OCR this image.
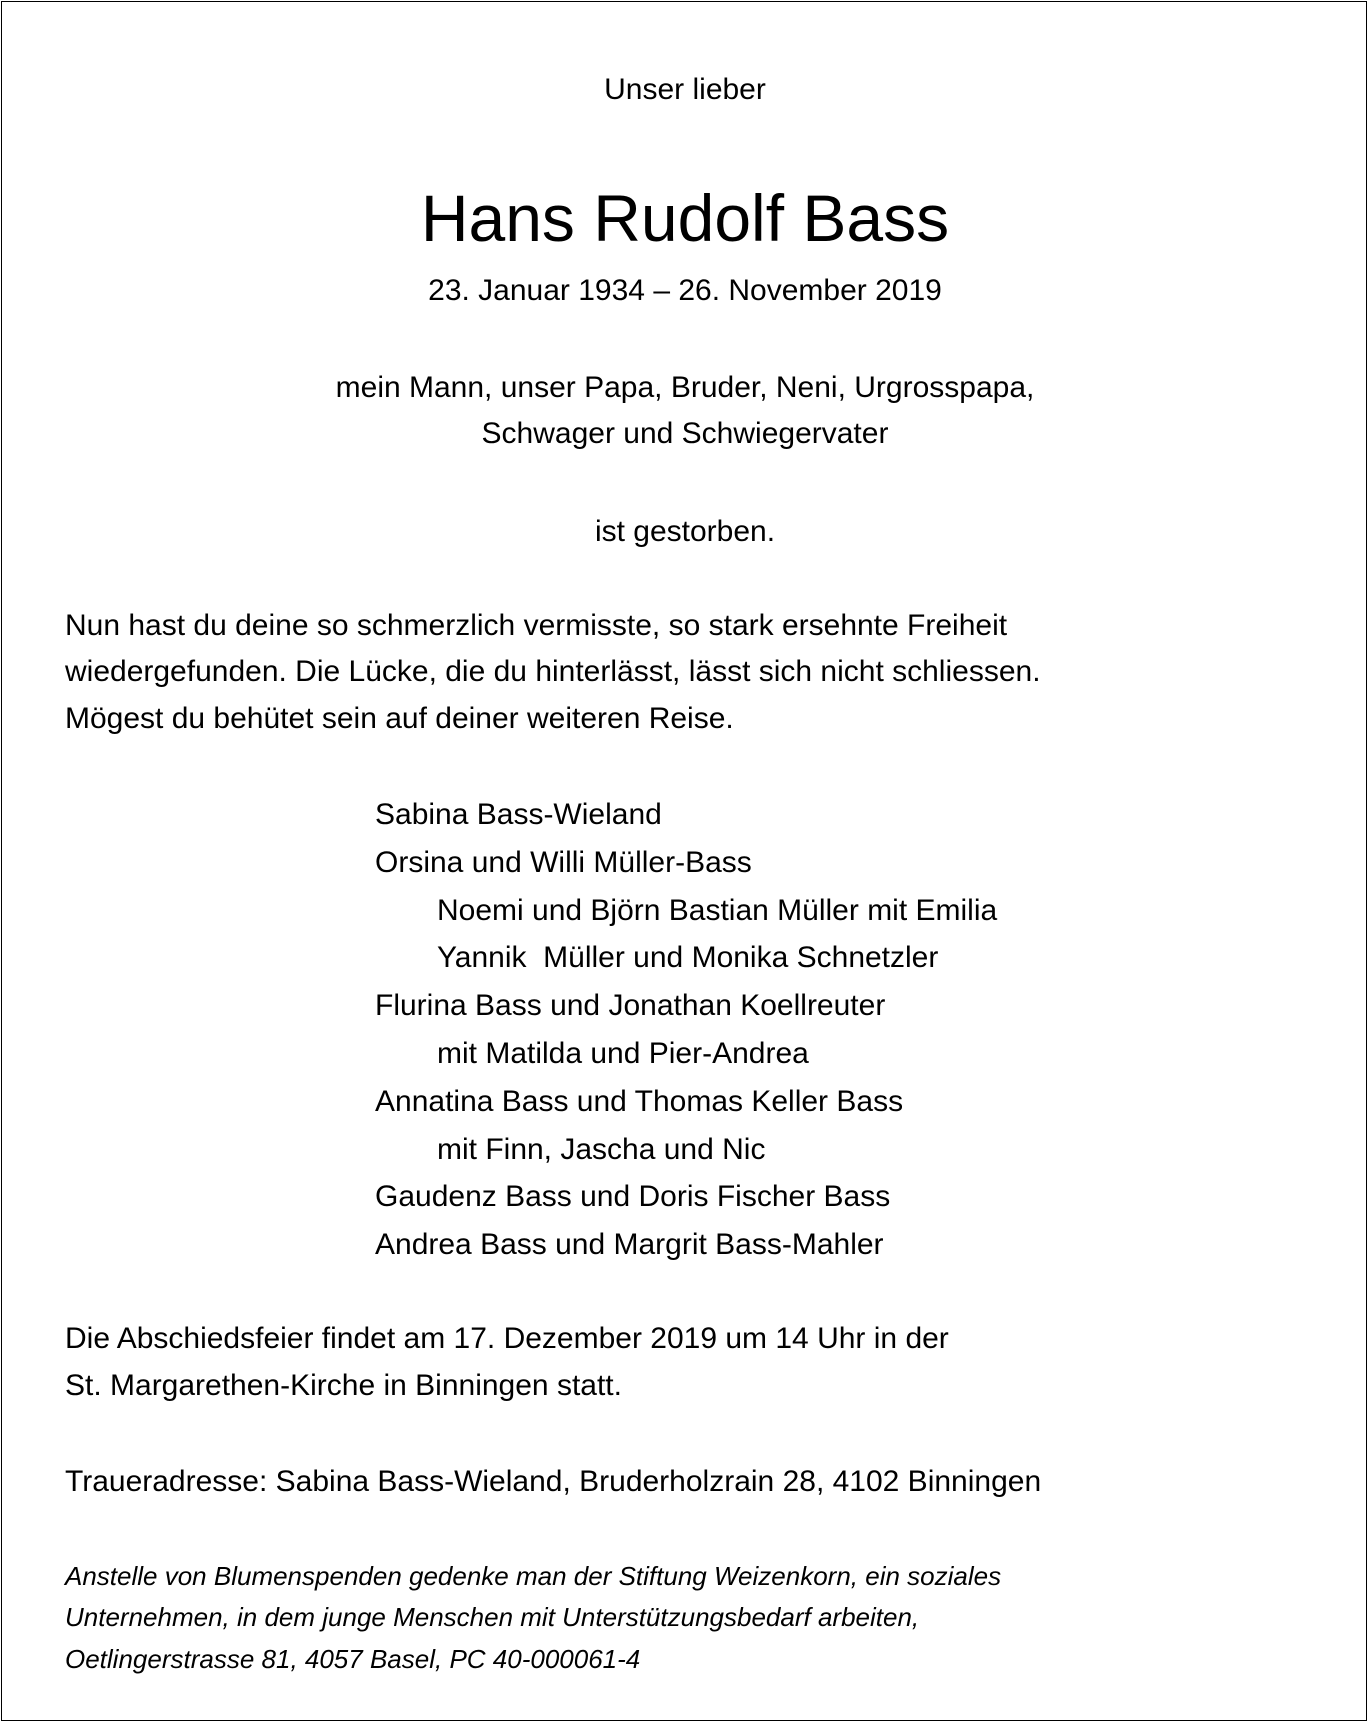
Unser lieber
Hans Rudolf Bass
23. Januar 1934 – 26. November 2019
mein Mann, unser Papa, Bruder, Neni, Urgrosspapa,
Schwager und Schwiegervater
ist gestorben.
Nun hast du deine so schmerzlich vermisste, so stark ersehnte Freiheit
wiedergefunden. Die Lücke, die du hinterlässt, lässt sich nicht schliessen.
Mögest du behütet sein auf deiner weiteren Reise.
Sabina Bass-Wieland
Orsina und Willi Müller-Bass
Noemi und Björn Bastian Müller mit Emilia
Yannik  Müller und Monika Schnetzler
Flurina Bass und Jonathan Koellreuter
mit Matilda und Pier-Andrea
Annatina Bass und Thomas Keller Bass
mit Finn, Jascha und Nic
Gaudenz Bass und Doris Fischer Bass
Andrea Bass und Margrit Bass-Mahler
Die Abschiedsfeier findet am 17. Dezember 2019 um 14 Uhr in der
St. Margarethen-Kirche in Binningen statt.
Traueradresse: Sabina Bass-Wieland, Bruderholzrain 28, 4102 Binningen
Anstelle von Blumenspenden gedenke man der Stiftung Weizenkorn, ein soziales
Unternehmen, in dem junge Menschen mit Unterstützungsbedarf arbeiten,
Oetlingerstrasse 81, 4057 Basel, PC 40-000061-4
